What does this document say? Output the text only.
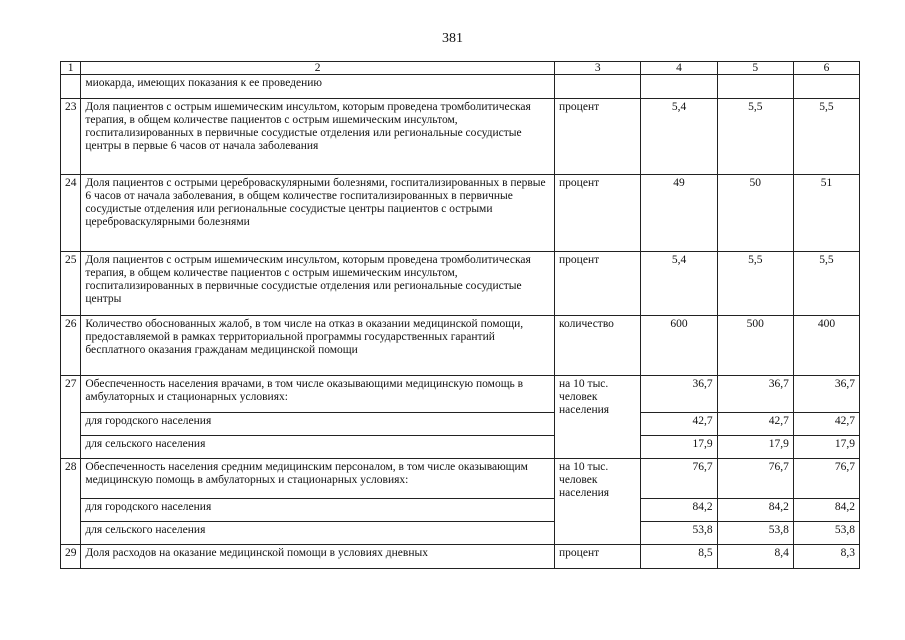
381
1	2	3	4	5	6
	миокарда, имеющих показания к ее проведению				
23	Доля пациентов с острым ишемическим инсультом, которым проведена тромболитическая терапия, в общем количестве пациентов с острым ишемическим инсультом, госпитализированных в первичные сосудистые отделения или региональные сосудистые центры в первые 6 часов от начала заболевания	процент	5,4	5,5	5,5
24	Доля пациентов с острыми цереброваскулярными болезнями, госпитализированных в первые 6 часов от начала заболевания, в общем количестве госпитализированных в первичные сосудистые отделения или региональные сосудистые центры пациентов с острыми цереброваскулярными болезнями	процент	49	50	51
25	Доля пациентов с острым ишемическим инсультом, которым проведена тромболитическая терапия, в общем количестве пациентов с острым ишемическим инсультом, госпитализированных в первичные сосудистые отделения или региональные сосудистые центры	процент	5,4	5,5	5,5
26	Количество обоснованных жалоб, в том числе на отказ в оказании медицинской помощи, предоставляемой в рамках территориальной программы государственных гарантий бесплатного оказания гражданам медицинской помощи	количество	600	500	400
27	Обеспеченность населения врачами, в том числе оказывающими медицинскую помощь в амбулаторных и стационарных условиях:	на 10 тыс. человек населения	36,7	36,7	36,7
	для городского населения		42,7	42,7	42,7
	для сельского населения		17,9	17,9	17,9
28	Обеспеченность населения средним медицинским персоналом, в том числе оказывающим медицинскую помощь в амбулаторных и стационарных условиях:	на 10 тыс. человек населения	76,7	76,7	76,7
	для городского населения		84,2	84,2	84,2
	для сельского населения		53,8	53,8	53,8
29	Доля расходов на оказание медицинской помощи в условиях дневных	процент	8,5	8,4	8,3
